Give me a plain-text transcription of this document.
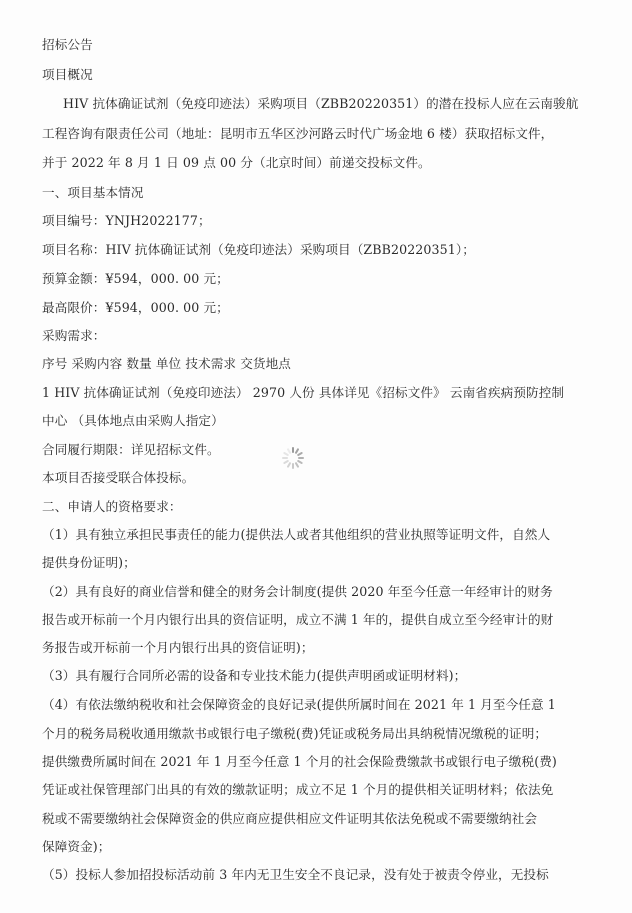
招标公告
项目概况
HIV 抗体确证试剂（免疫印迹法）采购项目（ZBB20220351）的潜在投标人应在云南骏航
工程咨询有限责任公司（地址：昆明市五华区沙河路云时代广场金地 6 楼）获取招标文件，
并于 2022 年 8 月 1 日 09 点 00 分（北京时间）前递交投标文件。
一、项目基本情况
项目编号：YNJH2022177；
项目名称：HIV 抗体确证试剂（免疫印迹法）采购项目（ZBB20220351）；
预算金额：¥594，000. 00 元；
最高限价：¥594，000. 00 元；
采购需求：
序号 采购内容 数量 单位 技术需求 交货地点
1 HIV 抗体确证试剂（免疫印迹法） 2970 人份 具体详见《招标文件》 云南省疾病预防控制
中心 （具体地点由采购人指定）
合同履行期限：详见招标文件。
本项目否接受联合体投标。
二、申请人的资格要求：
（1）具有独立承担民事责任的能力(提供法人或者其他组织的营业执照等证明文件，自然人
提供身份证明)；
（2）具有良好的商业信誉和健全的财务会计制度(提供 2020 年至今任意一年经审计的财务
报告或开标前一个月内银行出具的资信证明，成立不满 1 年的，提供自成立至今经审计的财
务报告或开标前一个月内银行出具的资信证明)；
（3）具有履行合同所必需的设备和专业技术能力(提供声明函或证明材料)；
（4）有依法缴纳税收和社会保障资金的良好记录(提供所属时间在 2021 年 1 月至今任意 1
个月的税务局税收通用缴款书或银行电子缴税(费)凭证或税务局出具纳税情况缴税的证明；
提供缴费所属时间在 2021 年 1 月至今任意 1 个月的社会保险费缴款书或银行电子缴税(费)
凭证或社保管理部门出具的有效的缴款证明；成立不足 1 个月的提供相关证明材料；依法免
税或不需要缴纳社会保障资金的供应商应提供相应文件证明其依法免税或不需要缴纳社会
保障资金)；
（5）投标人参加招投标活动前 3 年内无卫生安全不良记录，没有处于被责令停业，无投标
